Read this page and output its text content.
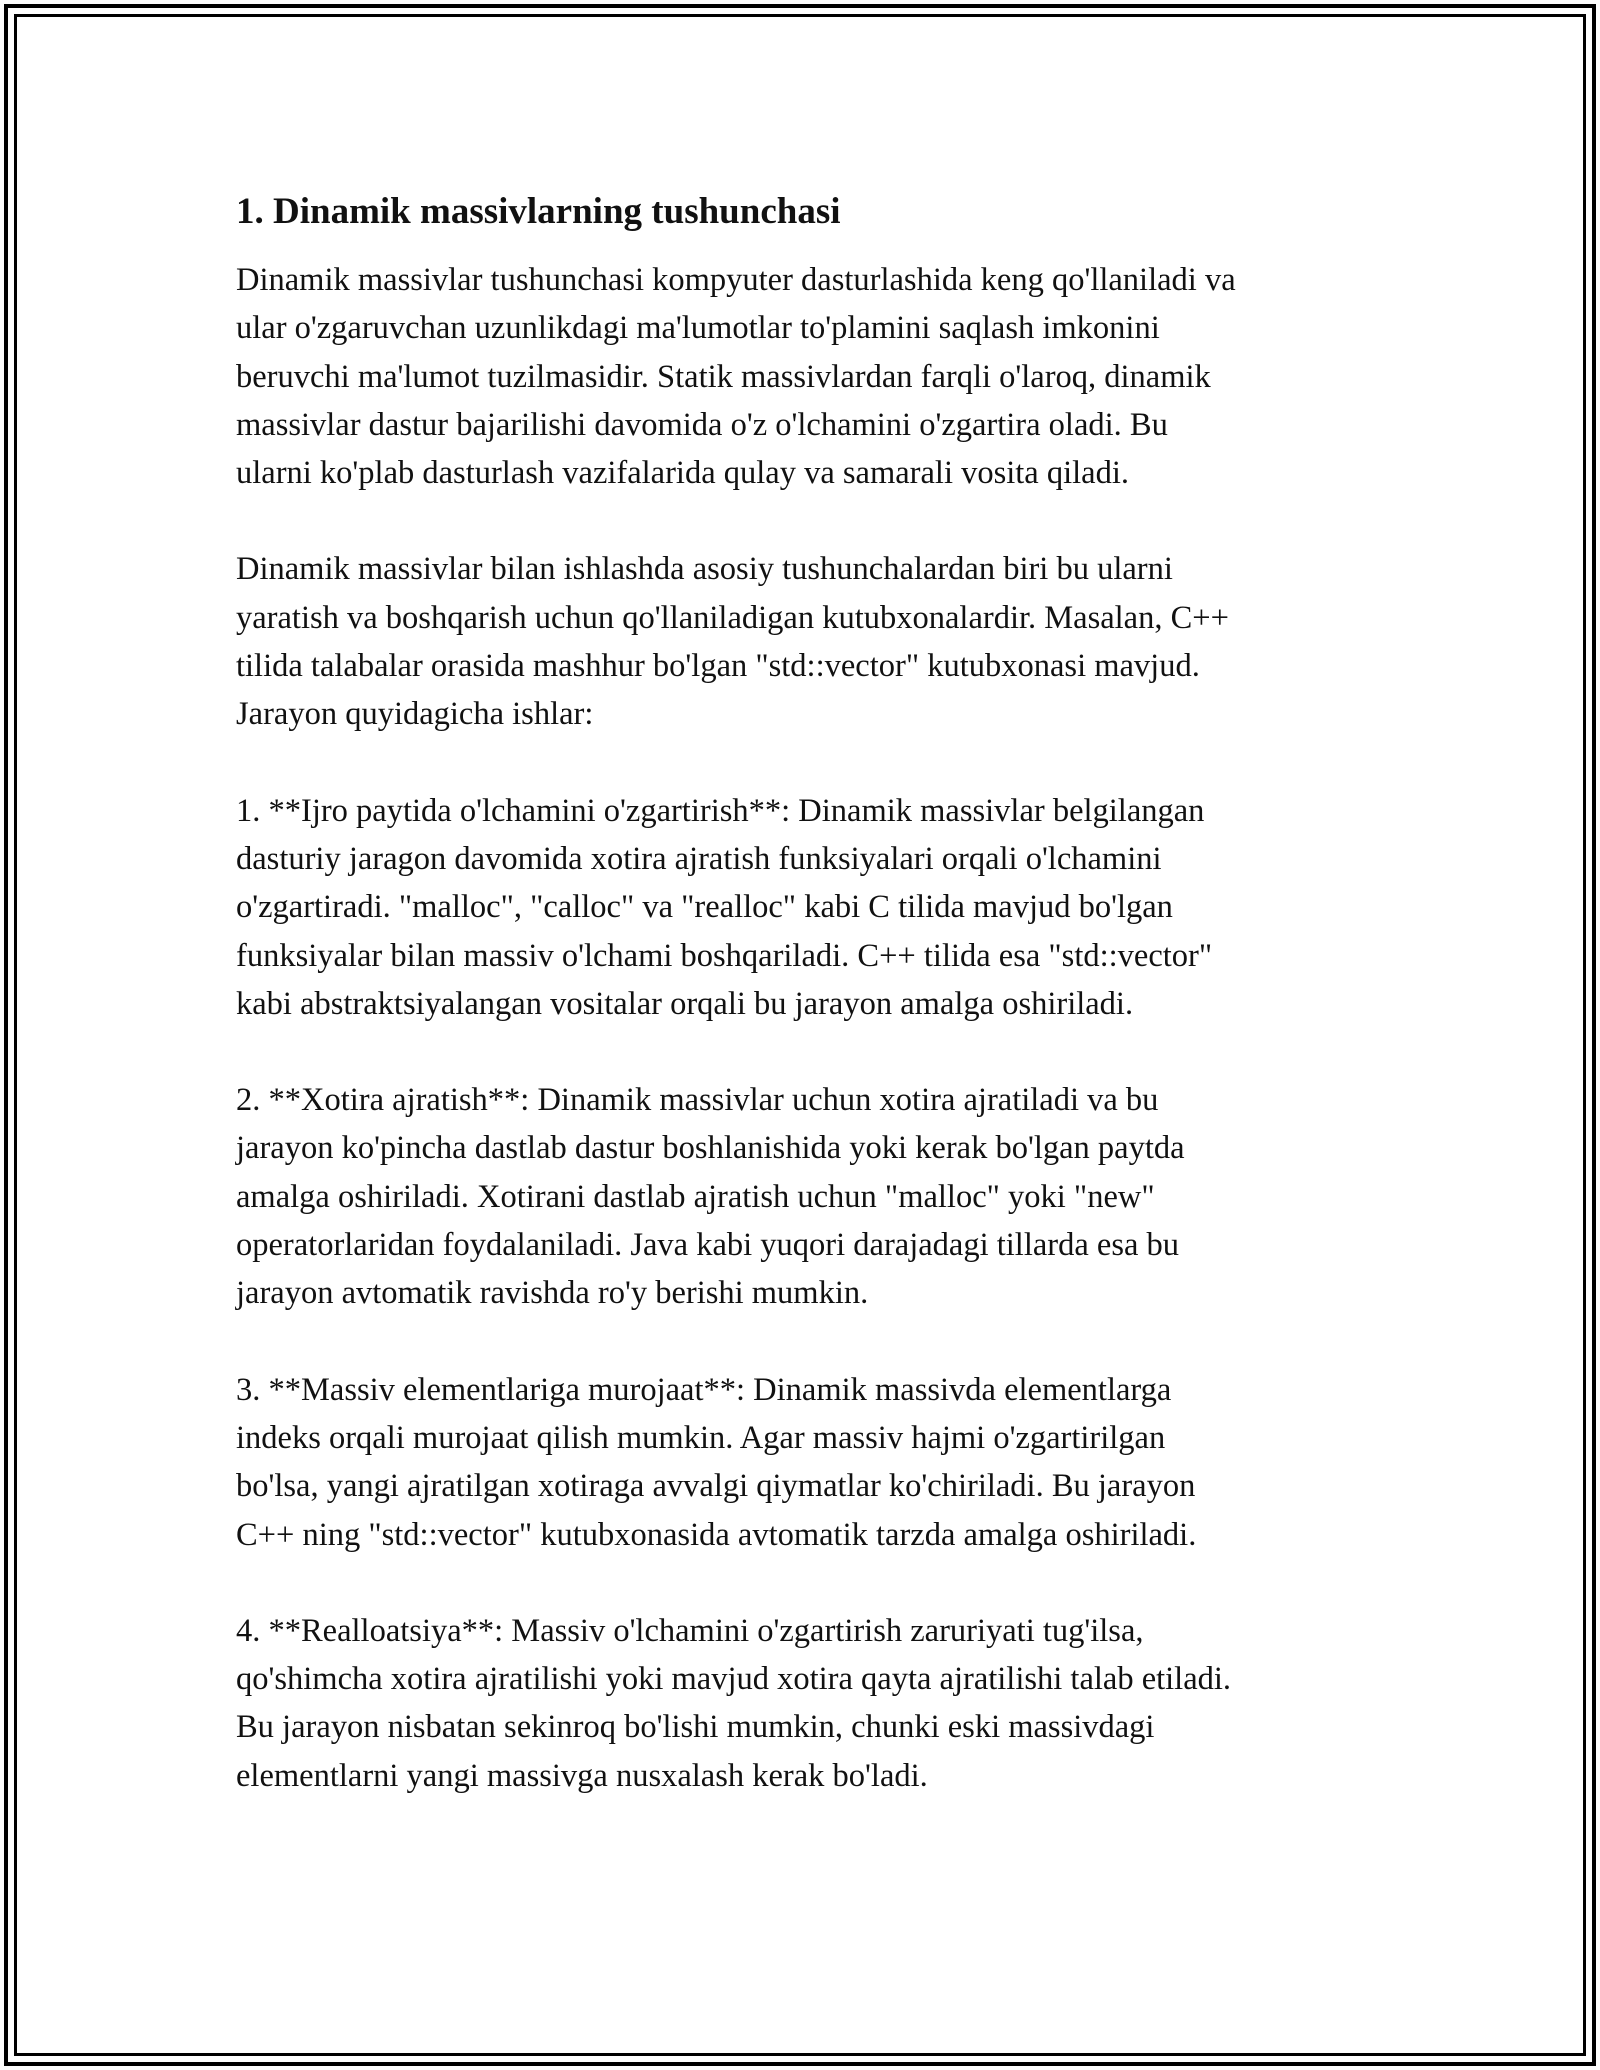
1. Dinamik massivlarning tushunchasi
Dinamik massivlar tushunchasi kompyuter dasturlashida keng qo'llaniladi va
ular o'zgaruvchan uzunlikdagi ma'lumotlar to'plamini saqlash imkonini
beruvchi ma'lumot tuzilmasidir. Statik massivlardan farqli o'laroq, dinamik
massivlar dastur bajarilishi davomida o'z o'lchamini o'zgartira oladi. Bu
ularni ko'plab dasturlash vazifalarida qulay va samarali vosita qiladi.
Dinamik massivlar bilan ishlashda asosiy tushunchalardan biri bu ularni
yaratish va boshqarish uchun qo'llaniladigan kutubxonalardir. Masalan, C++
tilida talabalar orasida mashhur bo'lgan "std::vector" kutubxonasi mavjud.
Jarayon quyidagicha ishlar:
1. **Ijro paytida o'lchamini o'zgartirish**: Dinamik massivlar belgilangan
dasturiy jaragon davomida xotira ajratish funksiyalari orqali o'lchamini
o'zgartiradi. "malloc", "calloc" va "realloc" kabi C tilida mavjud bo'lgan
funksiyalar bilan massiv o'lchami boshqariladi. C++ tilida esa "std::vector"
kabi abstraktsiyalangan vositalar orqali bu jarayon amalga oshiriladi.
2. **Xotira ajratish**: Dinamik massivlar uchun xotira ajratiladi va bu
jarayon ko'pincha dastlab dastur boshlanishida yoki kerak bo'lgan paytda
amalga oshiriladi. Xotirani dastlab ajratish uchun "malloc" yoki "new"
operatorlaridan foydalaniladi. Java kabi yuqori darajadagi tillarda esa bu
jarayon avtomatik ravishda ro'y berishi mumkin.
3. **Massiv elementlariga murojaat**: Dinamik massivda elementlarga
indeks orqali murojaat qilish mumkin. Agar massiv hajmi o'zgartirilgan
bo'lsa, yangi ajratilgan xotiraga avvalgi qiymatlar ko'chiriladi. Bu jarayon
C++ ning "std::vector" kutubxonasida avtomatik tarzda amalga oshiriladi.
4. **Realloatsiya**: Massiv o'lchamini o'zgartirish zaruriyati tug'ilsa,
qo'shimcha xotira ajratilishi yoki mavjud xotira qayta ajratilishi talab etiladi.
Bu jarayon nisbatan sekinroq bo'lishi mumkin, chunki eski massivdagi
elementlarni yangi massivga nusxalash kerak bo'ladi.
